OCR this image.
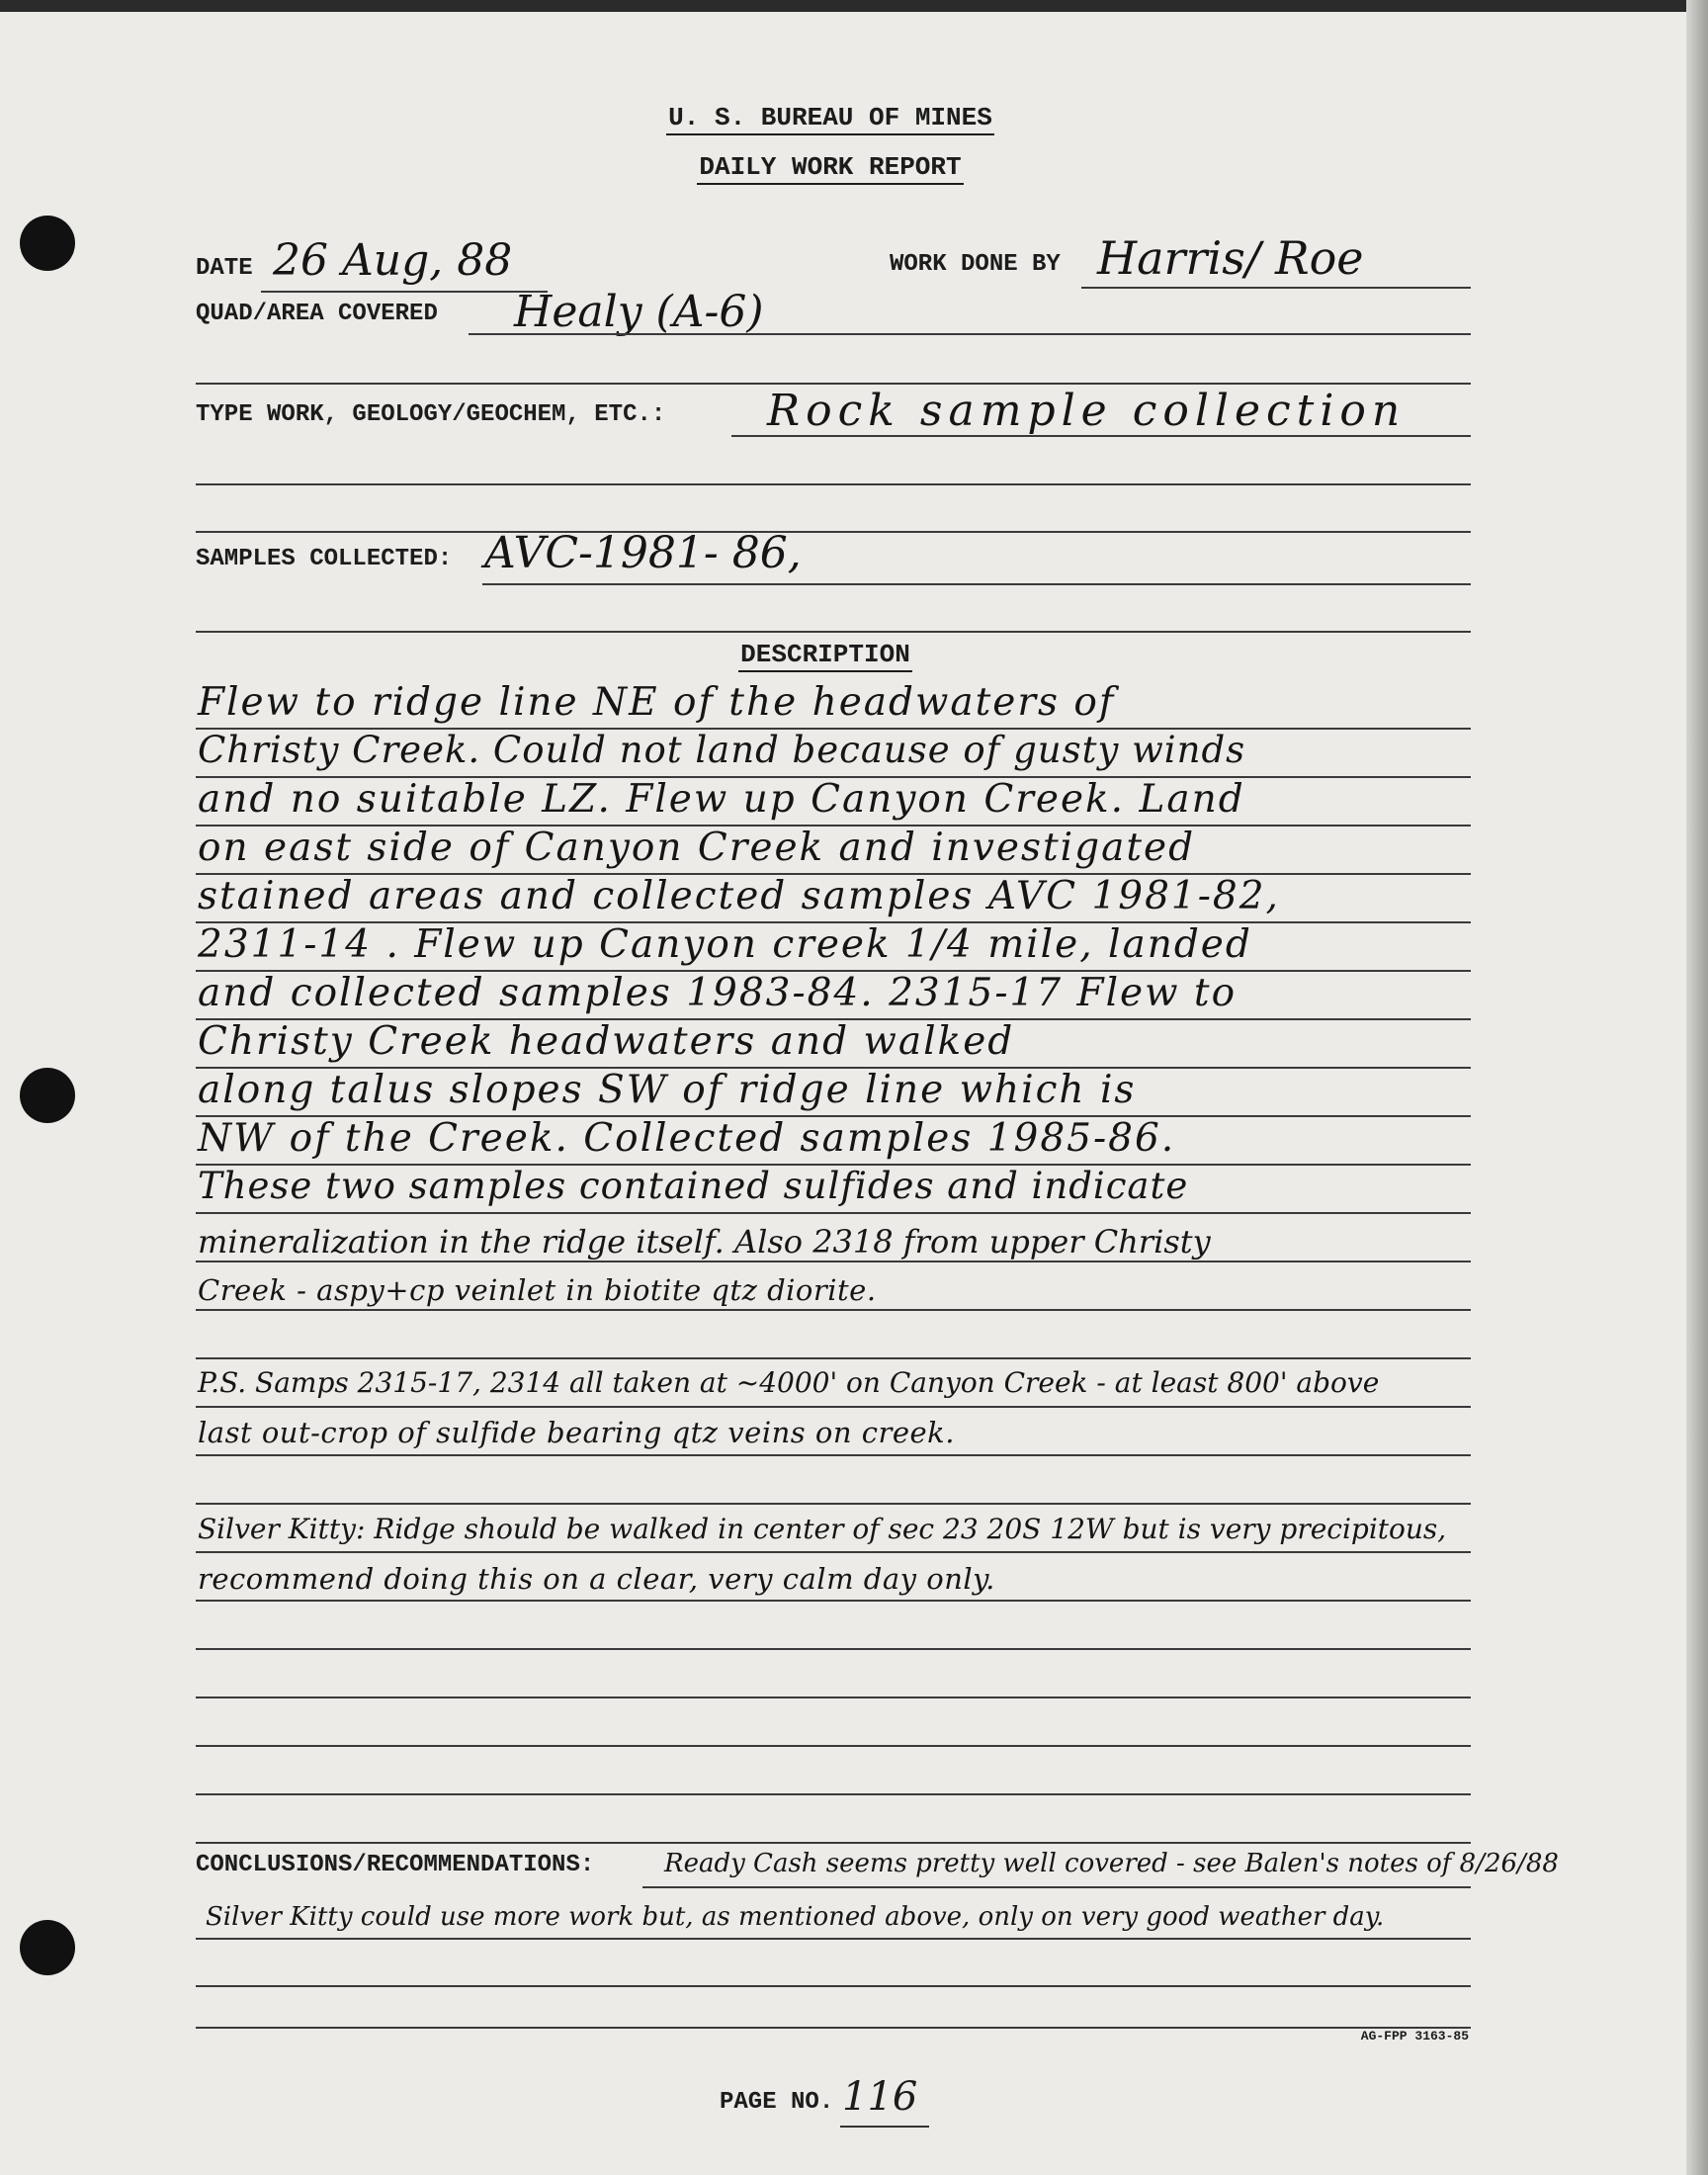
U. S. BUREAU OF MINES
DAILY WORK REPORT
DATE 26 Aug, 88	WORK DONE BY Harris/ Roe
QUAD/AREA COVERED Healy (A-6)
TYPE WORK, GEOLOGY/GEOCHEM, ETC.: Rock sample collection
SAMPLES COLLECTED: AVC-1981- 86,
DESCRIPTION
Flew to ridge line NE of the headwaters of
Christy Creek. Could not land because of gusty winds
and no suitable LZ. Flew up Canyon Creek. Land
on east side of Canyon Creek and investigated
stained areas and collected samples AVC 1981-82,
2311-14 . Flew up Canyon creek 1/4 mile, landed
and collected samples 1983-84. 2315-17 Flew to
Christy Creek headwaters and walked
along talus slopes SW of ridge line which is
NW of the Creek. Collected samples 1985-86.
These two samples contained sulfides and indicate
mineralization in the ridge itself. Also 2318 from upper Christy
Creek - aspy+cp veinlet in biotite qtz diorite.
P.S. Samps 2315-17, 2314 all taken at ~4000' on Canyon Creek - at least 800' above
last out-crop of sulfide bearing qtz veins on creek.
Silver Kitty: Ridge should be walked in center of sec 23 20S 12W but is very precipitous,
recommend doing this on a clear, very calm day only.
CONCLUSIONS/RECOMMENDATIONS:	Ready Cash seems pretty well covered - see Balen's notes of 8/26/88
Silver Kitty could use more work but, as mentioned above, only on very good weather day.
AG-FPP 3163-85
PAGE NO. 116
